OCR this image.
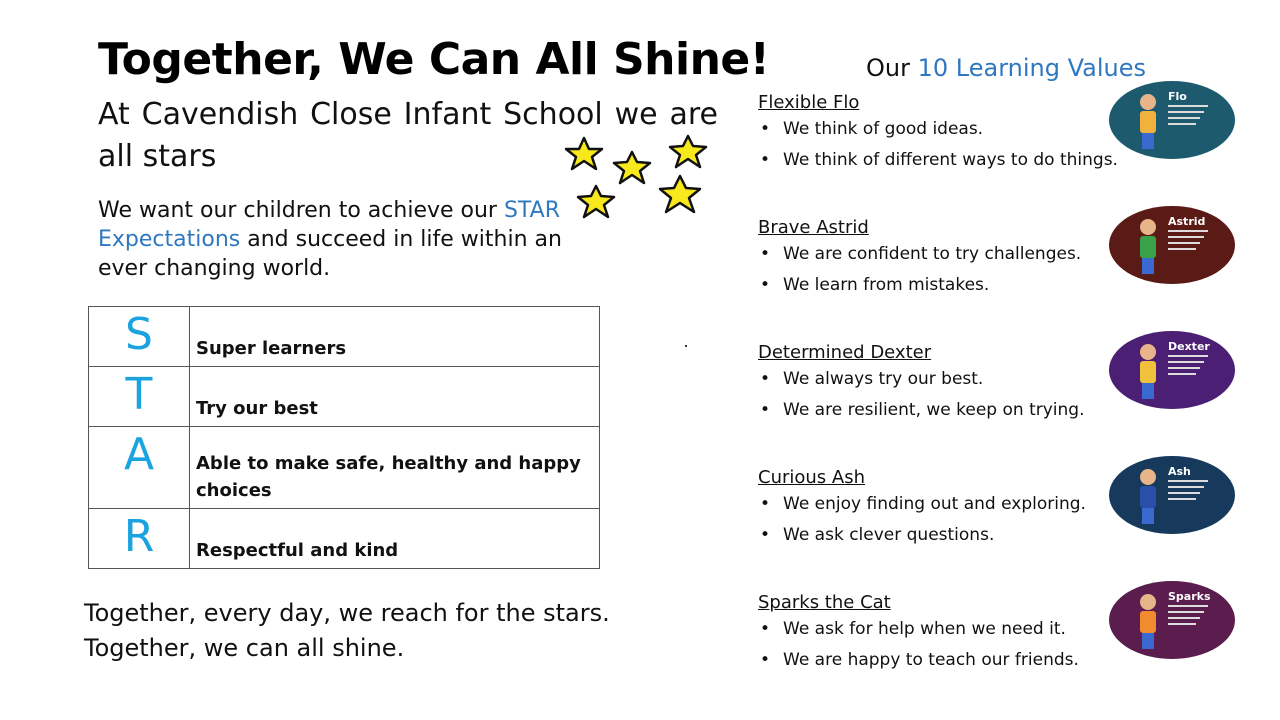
Together, We Can All Shine!
At Cavendish Close Infant School we are all stars
We want our children to achieve our STAR Expectations and succeed in life within an ever changing world.
S	Super learners
T	Try our best
A	Able to make safe, healthy and happy choices
R	Respectful and kind
Together, every day, we reach for the stars.
Together, we can all shine.
Our 10 Learning Values
Flexible Flo
• We think of good ideas.
• We think of different ways to do things.
Flo
Brave Astrid
• We are confident to try challenges.
• We learn from mistakes.
Astrid
Determined Dexter
• We always try our best.
• We are resilient, we keep on trying.
Dexter
Curious Ash
• We enjoy finding out and exploring.
• We ask clever questions.
Ash
Sparks the Cat
• We ask for help when we need it.
• We are happy to teach our friends.
Sparks
